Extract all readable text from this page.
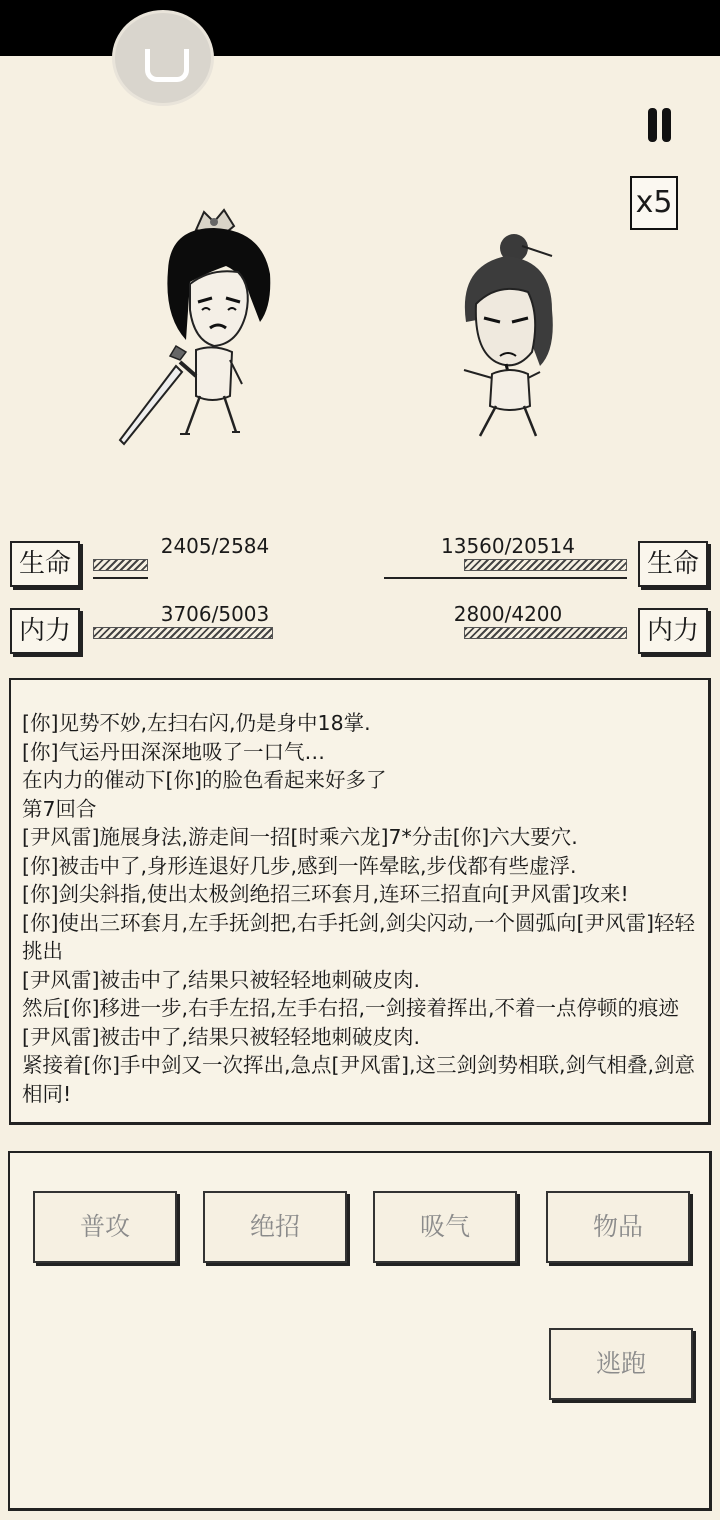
x5
生命
2405/2584
内力
3706/5003
生命
13560/20514
内力
2800/4200
[你]见势不妙,左扫右闪,仍是身中18掌.
[你]气运丹田深深地吸了一口气…
在内力的催动下[你]的脸色看起来好多了
第7回合
[尹风雷]施展身法,游走间一招[时乘六龙]7*分击[你]六大要穴.
[你]被击中了,身形连退好几步,感到一阵晕眩,步伐都有些虚浮.
[你]剑尖斜指,使出太极剑绝招三环套月,连环三招直向[尹风雷]攻来!
[你]使出三环套月,左手抚剑把,右手托剑,剑尖闪动,一个圆弧向[尹风雷]轻轻挑出
[尹风雷]被击中了,结果只被轻轻地刺破皮肉.
然后[你]移进一步,右手左招,左手右招,一剑接着挥出,不着一点停顿的痕迹
[尹风雷]被击中了,结果只被轻轻地刺破皮肉.
紧接着[你]手中剑又一次挥出,急点[尹风雷],这三剑剑势相联,剑气相叠,剑意相同!
普攻	绝招	吸气	物品
逃跑
